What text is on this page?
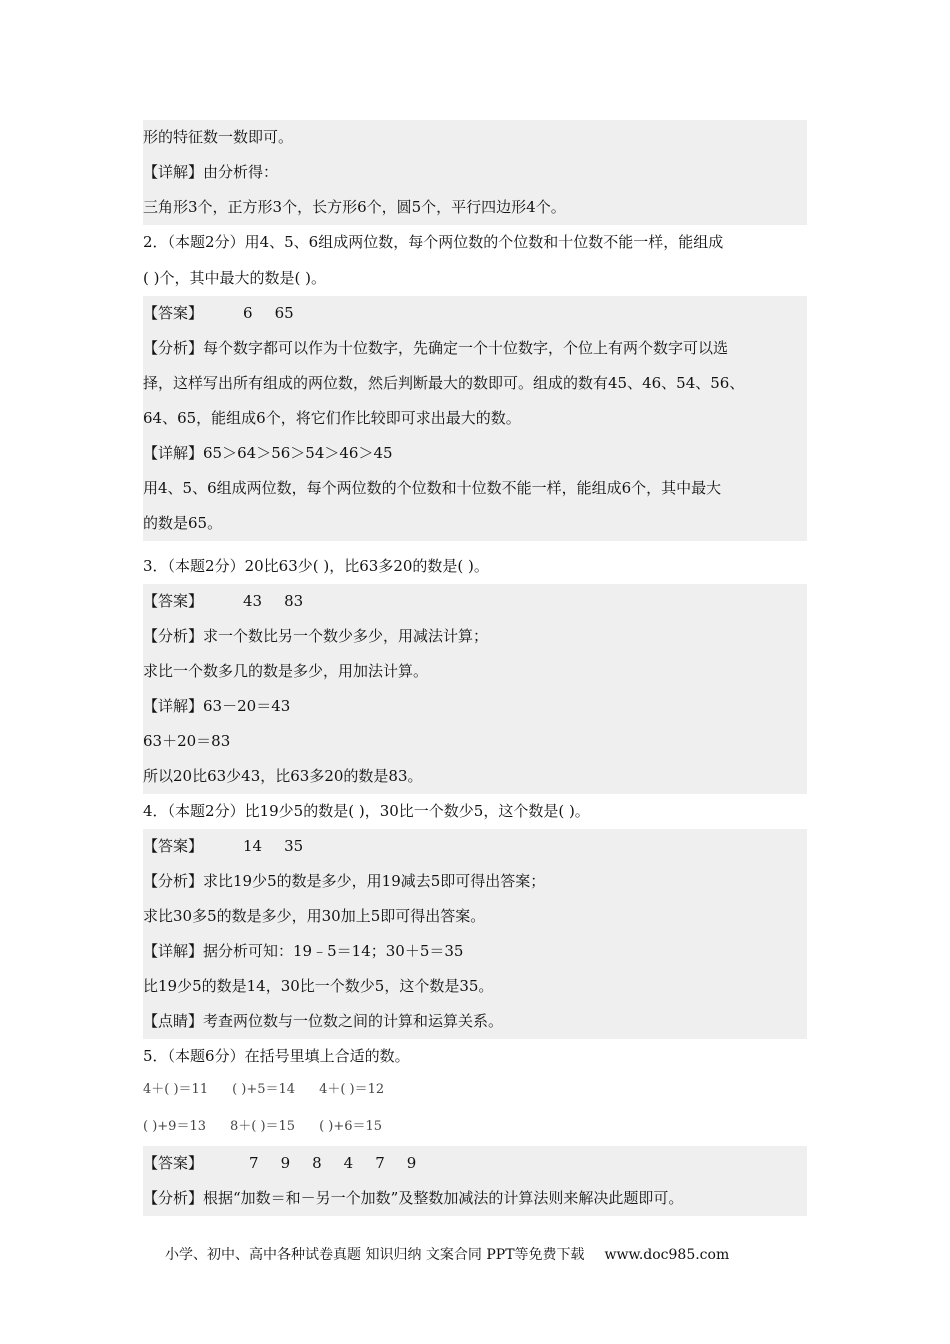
形的特征数一数即可。
【详解】由分析得：
三角形3个，正方形3个，长方形6个，圆5个，平行四边形4个。
2．（本题2分）用4、5、6组成两位数，每个两位数的个位数和十位数不能一样，能组成
( )个，其中最大的数是( )。
【答案】	6 65
【分析】每个数字都可以作为十位数字，先确定一个十位数字，个位上有两个数字可以选
择，这样写出所有组成的两位数，然后判断最大的数即可。组成的数有45、46、54、56、
64、65，能组成6个，将它们作比较即可求出最大的数。
【详解】65＞64＞56＞54＞46＞45
用4、5、6组成两位数，每个两位数的个位数和十位数不能一样，能组成6个，其中最大
的数是65。
3．（本题2分）20比63少( )，比63多20的数是( )。
【答案】	43 83
【分析】求一个数比另一个数少多少，用减法计算；
求比一个数多几的数是多少，用加法计算。
【详解】63－20＝43
63＋20＝83
所以20比63少43，比63多20的数是83。
4．（本题2分）比19少5的数是( )，30比一个数少5，这个数是( )。
【答案】	14 35
【分析】求比19少5的数是多少，用19减去5即可得出答案；
求比30多5的数是多少，用30加上5即可得出答案。
【详解】据分析可知：19﹣5＝14；30＋5＝35
比19少5的数是14，30比一个数少5，这个数是35。
【点睛】考查两位数与一位数之间的计算和运算关系。
5．（本题6分）在括号里填上合适的数。
4＋( )＝11 ( )+5＝14 4＋( )＝12
( )+9＝13 8＋( )＝15 ( )+6＝15
【答案】	7 9 8 4 7 9
【分析】根据“加数＝和－另一个加数”及整数加减法的计算法则来解决此题即可。
小学、初中、高中各种试卷真题 知识归纳 文案合同 PPT等免费下载 www.doc985.com
